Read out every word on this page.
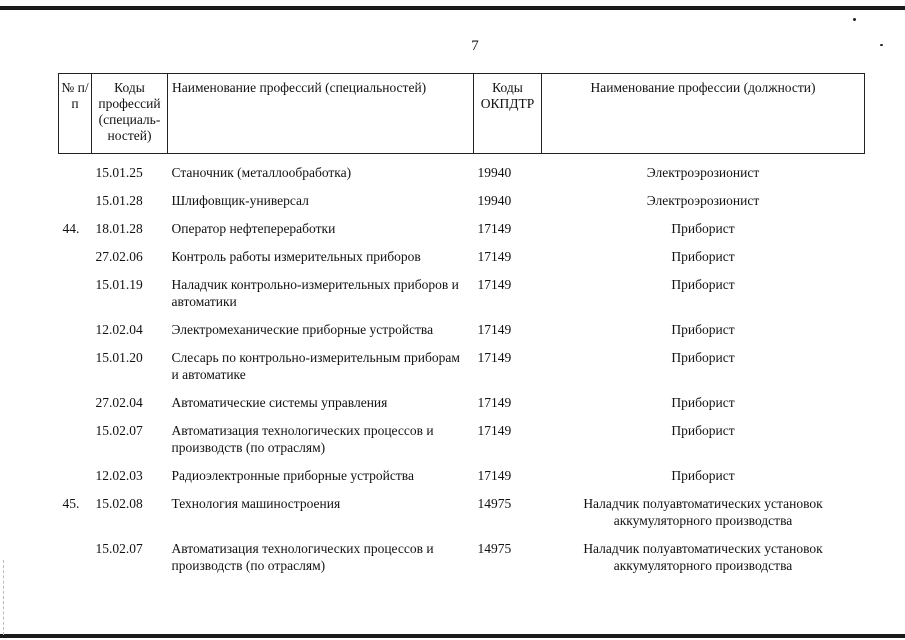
7
№ п/п	Коды профессий (специаль-ностей)	Наименование профессий (специальностей)	Коды ОКПДТР	Наименование профессии (должности)
	15.01.25	Станочник (металлообработка)	19940	Электроэрозионист
	15.01.28	Шлифовщик-универсал	19940	Электроэрозионист
44.	18.01.28	Оператор нефтепереработки	17149	Приборист
	27.02.06	Контроль работы измерительных приборов	17149	Приборист
	15.01.19	Наладчик контрольно-измерительных приборов и автоматики	17149	Приборист
	12.02.04	Электромеханические приборные устройства	17149	Приборист
	15.01.20	Слесарь по контрольно-измерительным приборам и автоматике	17149	Приборист
	27.02.04	Автоматические системы управления	17149	Приборист
	15.02.07	Автоматизация технологических процессов и производств (по отраслям)	17149	Приборист
	12.02.03	Радиоэлектронные приборные устройства	17149	Приборист
45.	15.02.08	Технология машиностроения	14975	Наладчик полуавтоматических установок аккумуляторного производства
	15.02.07	Автоматизация технологических процессов и производств (по отраслям)	14975	Наладчик полуавтоматических установок аккумуляторного производства
